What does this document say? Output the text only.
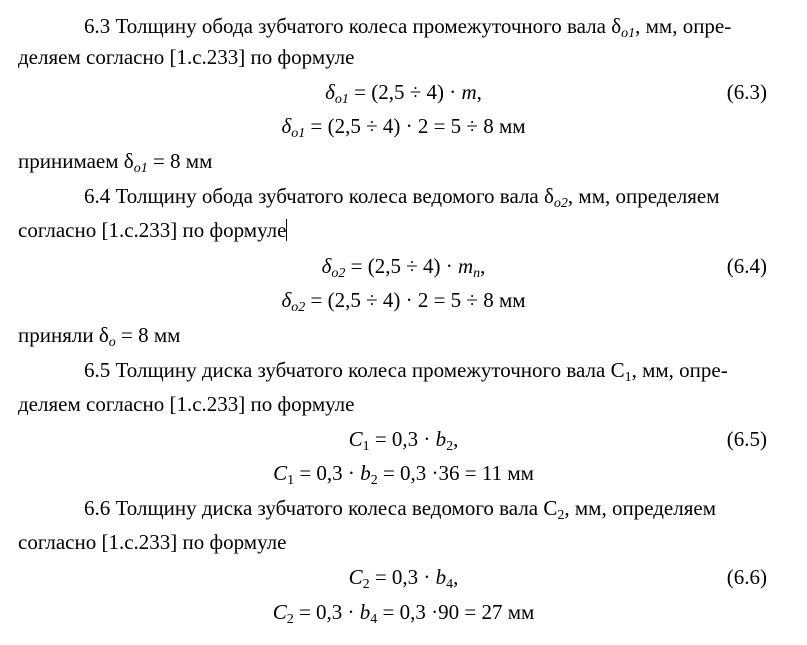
6.3 Толщину обода зубчатого колеса промежуточного вала $\delta_{o1}$, мм, опре-
деляем согласно [1.с.233] по формуле
$\delta_{o1} = (2,5 \div 4) \cdot m$,	(6.3)
$\delta_{o1} = (2,5 \div 4) \cdot 2 = 5 \div 8$ мм
принимаем $\delta_{o1} = 8$ мм
6.4 Толщину обода зубчатого колеса ведомого вала $\delta_{o2}$, мм, определяем
согласно [1.с.233] по формуле
$\delta_{o2} = (2,5 \div 4) \cdot m_n$,	(6.4)
$\delta_{o2} = (2,5 \div 4) \cdot 2 = 5 \div 8$ мм
приняли $\delta_o = 8$ мм
6.5 Толщину диска зубчатого колеса промежуточного вала $C_1$, мм, опре-
деляем согласно [1.с.233] по формуле
$C_1 = 0,3 \cdot b_2$,	(6.5)
$C_1 = 0,3 \cdot b_2 = 0,3 \cdot 36 = 11$ мм
6.6 Толщину диска зубчатого колеса ведомого вала $C_2$, мм, определяем
согласно [1.с.233] по формуле
$C_2 = 0,3 \cdot b_4$,	(6.6)
$C_2 = 0,3 \cdot b_4 = 0,3 \cdot 90 = 27$ мм
